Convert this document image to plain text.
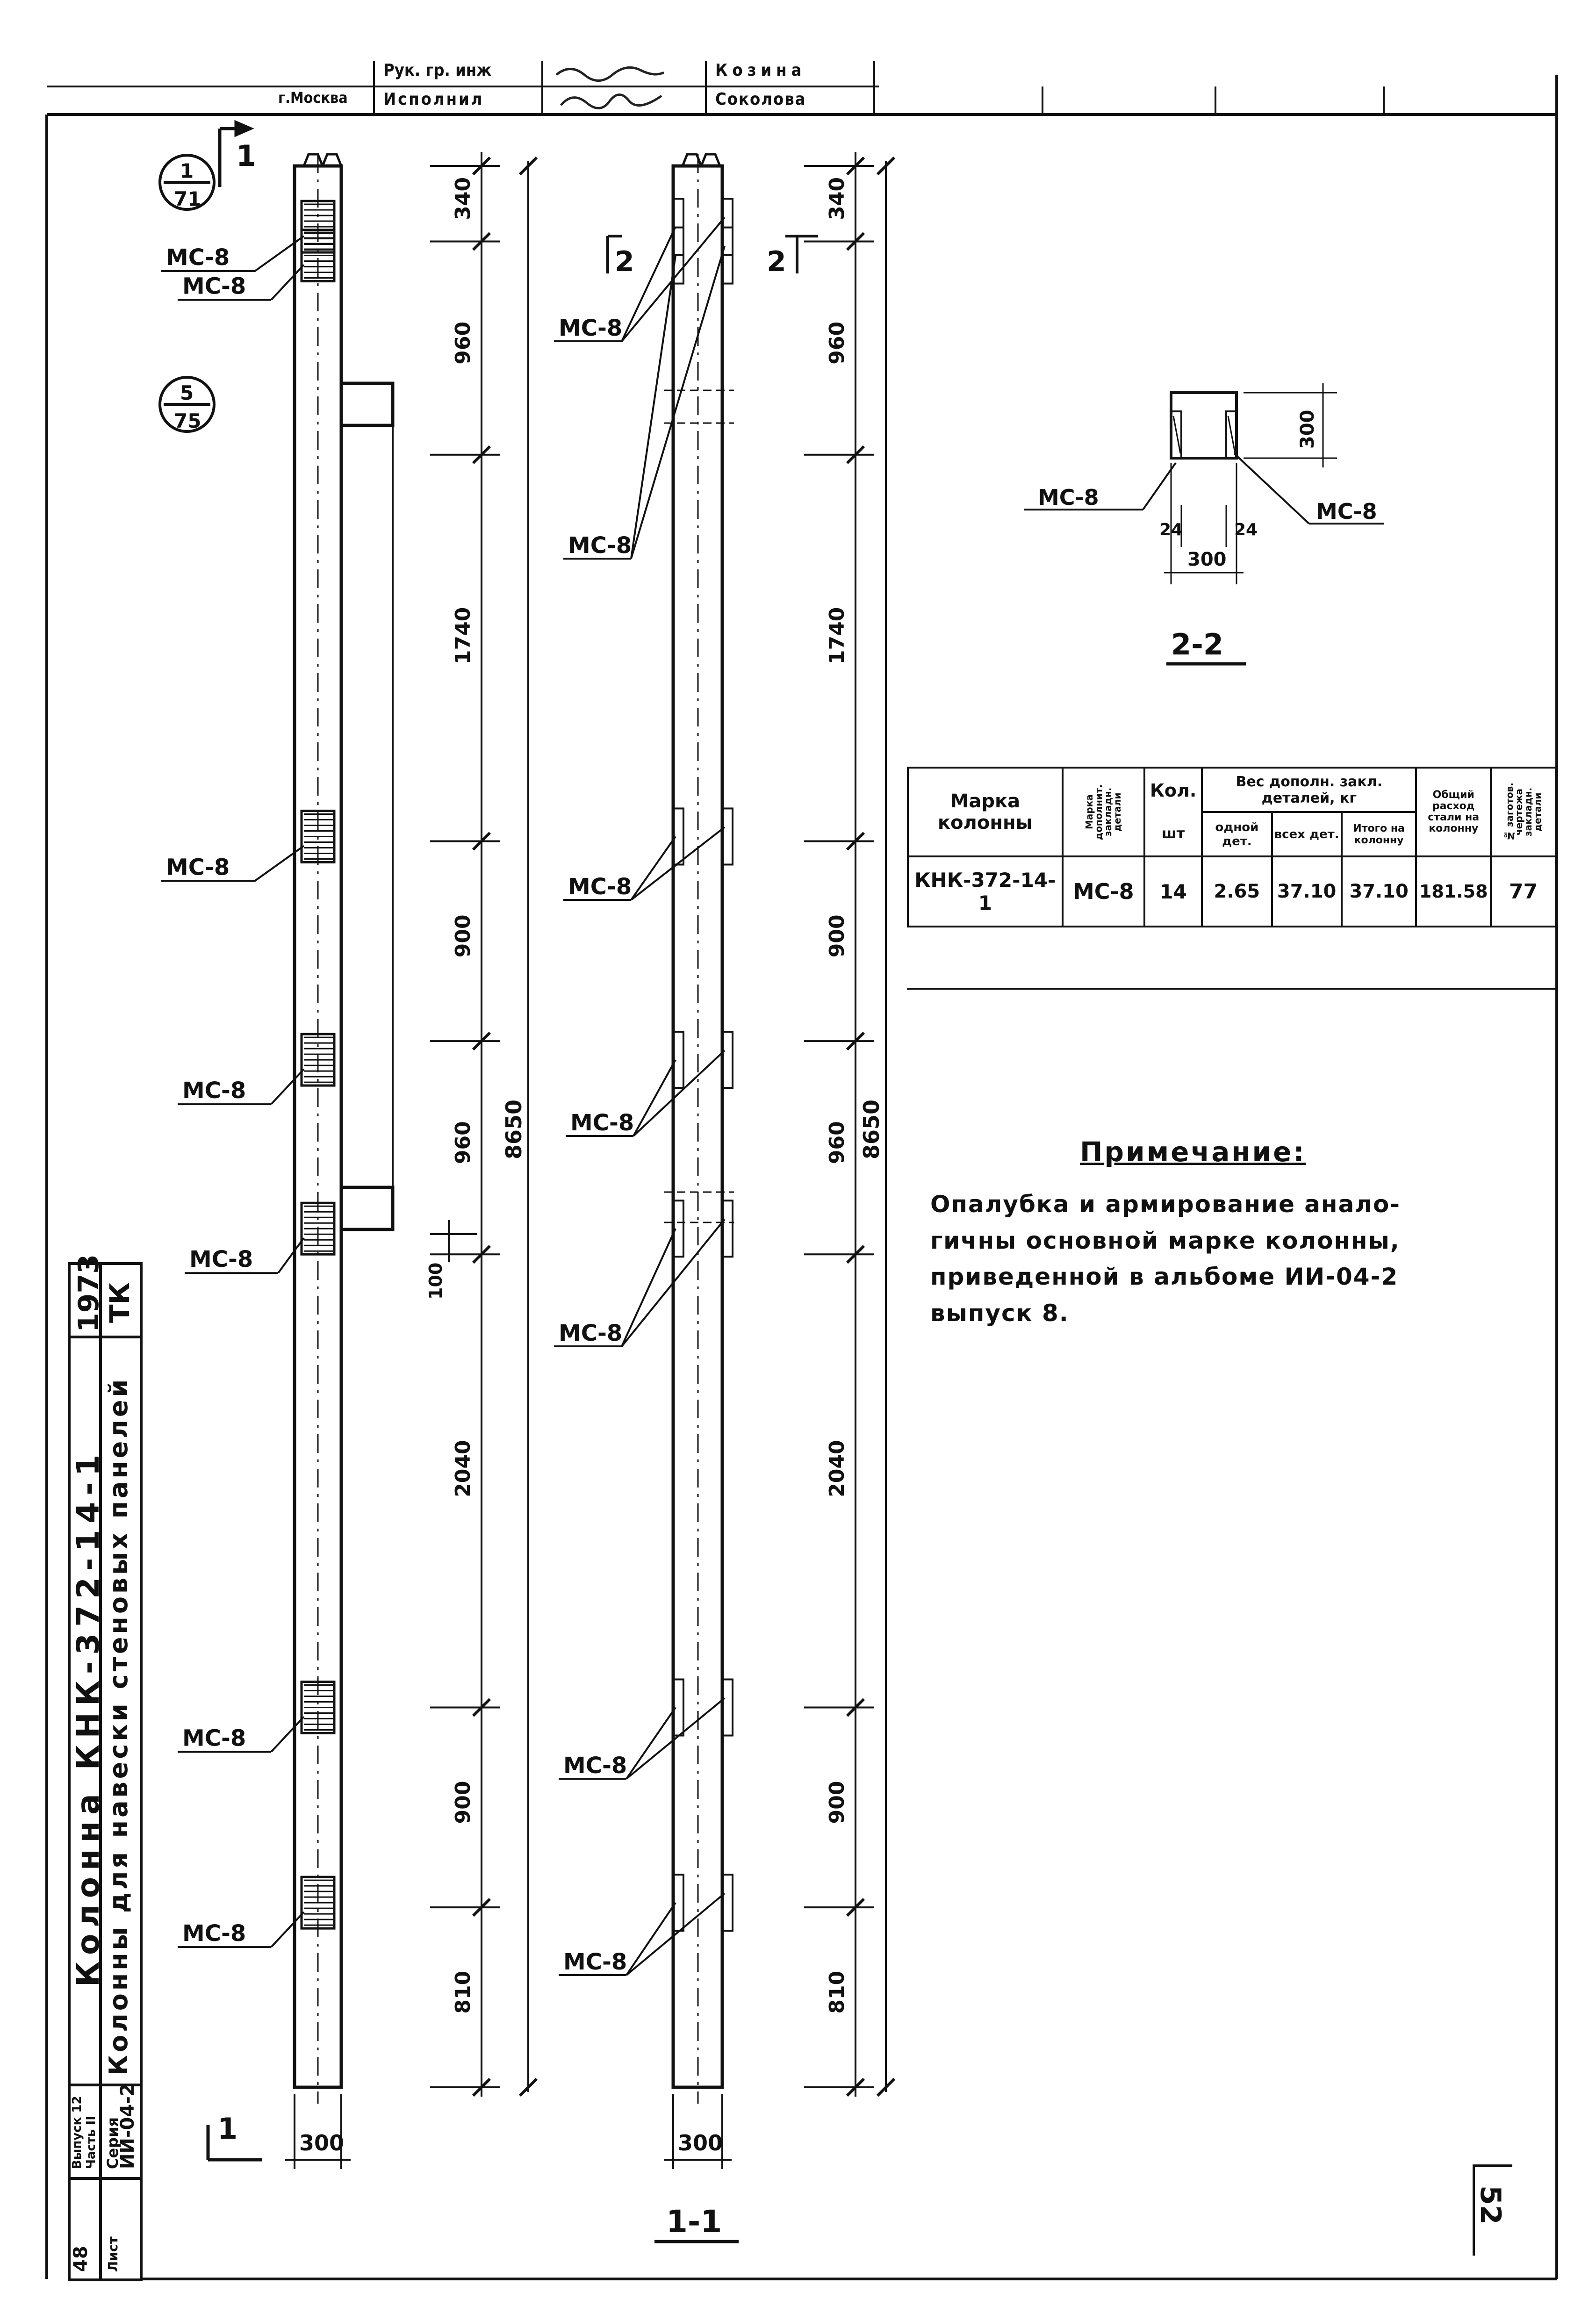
1
71
5
75
1
1
2	2
МС-8
МС-8
24	24
300
300
2-2
300	300
1-1
340
960
1740
900
960
2040
900
810
8650
100
340
960
1740
900
960
2040
900
810
8650
МС-8
МС-8
МС-8
МС-8
МС-8
МС-8
МС-8
МС-8
МС-8
МС-8
МС-8
МС-8
МС-8
МС-8
г.Москва
Рук. гр. инж	Козина
Исполнил	Соколова
1973
ТК
Колонны для навески стеновых панелей
Колонна КНК-372-14-1
Серия
ИИ-04-2
Выпуск 12 Часть II
Лист
48
Марка колонны	Марка дополнит. закладн. детали	Кол.	Вес дополн. закл. деталей, кг			Общий расход стали на колонну	№ заготов. чертежа закладн. детали

		шт	одной дет.	всех дет.	Итого на колонну		
КНК-372-14-1	МС-8	14	2.65	37.10	37.10	181.58	77

Примечание:
Опалубка и армирование анало-
гичны основной марке колонны,
приведенной в альбоме ИИ-04-2
выпуск 8.
52
